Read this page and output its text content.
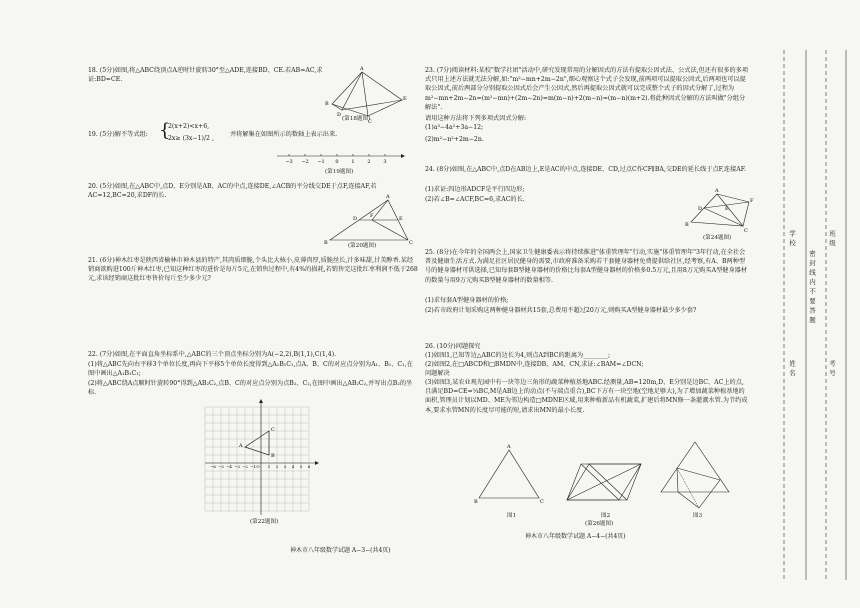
18. (5分)如图,将△ABC绕顶点A逆时针旋转30°至△ADE,连接BD、CE.若AB=AC,求证:BD=CE.

A
B
C
D
E
(第18题图)
19. (5分)解不等式组: {
2(x+2)<x+6,
2x≥ (3x−1)/2 ,
并将解集在如图所示的数轴上表示出来.
−3 −2 −1 0	1	2	3
(第19题图)

20. (5分)如图,在△ABC中,点D、E分别是AB、AC的中点,连接DE,∠ACB的平分线交DE于点F,连接AF,若AC=12,BC=20,求DF的长.	A
B	C
D	E
F
(第20题图)

21. (6分)神木红枣是陕西省榆林市神木县的特产,其肉质细脆,个头比大核小,皮薄肉厚,质脆丝长,汁多味甜,甘美醇香.某经销商欲购进100斤神木红枣,已知这种红枣的进价是每斤5元,在销售过程中,有4%的损耗,若销售完这批红枣利润不低于268元,求该经销商这批红枣售价每斤至少多少元?

22. (7分)如图,在平面直角坐标系中,△ABC的三个顶点坐标分别为A(−2,2),B(1,1),C(1,4).

(1)将△ABC先向右平移3个单位长度,再向下平移5个单位长度得到△A₁B₁C₁,点A、B、C的对应点分别为A₁、B₁、C₁,在图中画出△A₁B₁C₁;

(2)将△ABC绕A点顺时针旋转90°得到△AB₂C₂,点B、C的对应点分别为点B₂、C₂,在图中画出△AB₂C₂,并写出点B₂的坐标.

A
B
C
−6 −5 −4 −3 −2 −1 O 1 2 3 4 5 6
(第22题图)
神木市八年级数学试题 A−3−(共4页)

23. (7分)阅读材料:某校"数学社团"活动中,研究发现常用的分解因式的方法有提取公因式法、公式法,但还有很多的多项式只用上述方法就无法分解,如:"m²−mn+2m−2n",细心观察这个式子会发现,前两项可以提取公因式,后两项也可以提取公因式,前后两部分分别提取公因式后会产生公因式,然后再提取公因式就可以完成整个式子的因式分解了,过程为m²−mn+2m−2n=(m²−mn)+(2m−2n)=m(m−n)+2(m−n)=(m−n)(m+2).将此种因式分解的方法叫做"分组分解法".

请用这种方法将下列多项式因式分解:

(1)a³−4a²+3a−12;

(2)m²−n²+2m−2n.

24. (8分)如图,在△ABC中,点D在AB边上,E是AC的中点,连接DE、CD,过点C作CF∥BA,交DE的延长线于点F,连接AF.

(1)求证:四边形ADCF是平行四边形;

(2)若∠B=∠ACF,BC=6,求AC的长.

A
B
C
D	E
F
(第24题图)

25. (8分)在今年的全国两会上,国家卫生健康委表示将持续推进"体重管理年"行动,实施"体重管理年"3年行动,在全社会普及健康生活方式.为满足社区居民健身的需要,市政府准备采购若干套健身器材免费提供给社区,经考察,有A、B两种型号的健身器材可供选择,已知每套B型健身器材的价格比每套A型健身器材的价格多0.5万元,且用8万元购买A型健身器材的数量与用9万元购买B型健身器材的数量相等.

(1)求每套A型健身器材的价格;

(2)若市政府计划采购这两种健身器材共15套,总费用不超过20万元,则购买A型健身器材最少多少套?

26. (10分)问题探究

(1)如图1,已知等边△ABC的边长为4,则点A到BC的距离为________;

(2)如图2,在□ABCD和□BMDN中,连接DB、AM、CN,求证:∠BAM=∠DCN;

问题解决

(3)如图3,某农业观光园中有一块等边三角形的蔬菜种植基地ABC.经测量,AB=120m,D、E分别是边BC、AC上的点,且满足BD=CE=¼BC,M是AB边上的动点(不与端点重合),BC下方有一块空地(空地足够大),为了增加蔬菜种植基地的面积,管理员计划以MD、ME为邻边构造□MDNE区域,用来种植新品有机蔬菜,扩建后将MN修一条灌溉水管.为节约成本,要求水管MN的长度尽可能的短,请求出MN的最小长度.

A
B	C
图1	图2	图3
(第26题图)
神木市八年级数学试题 A−4−(共4页)
学校	班级
姓名	考号
密封线内不要答题
